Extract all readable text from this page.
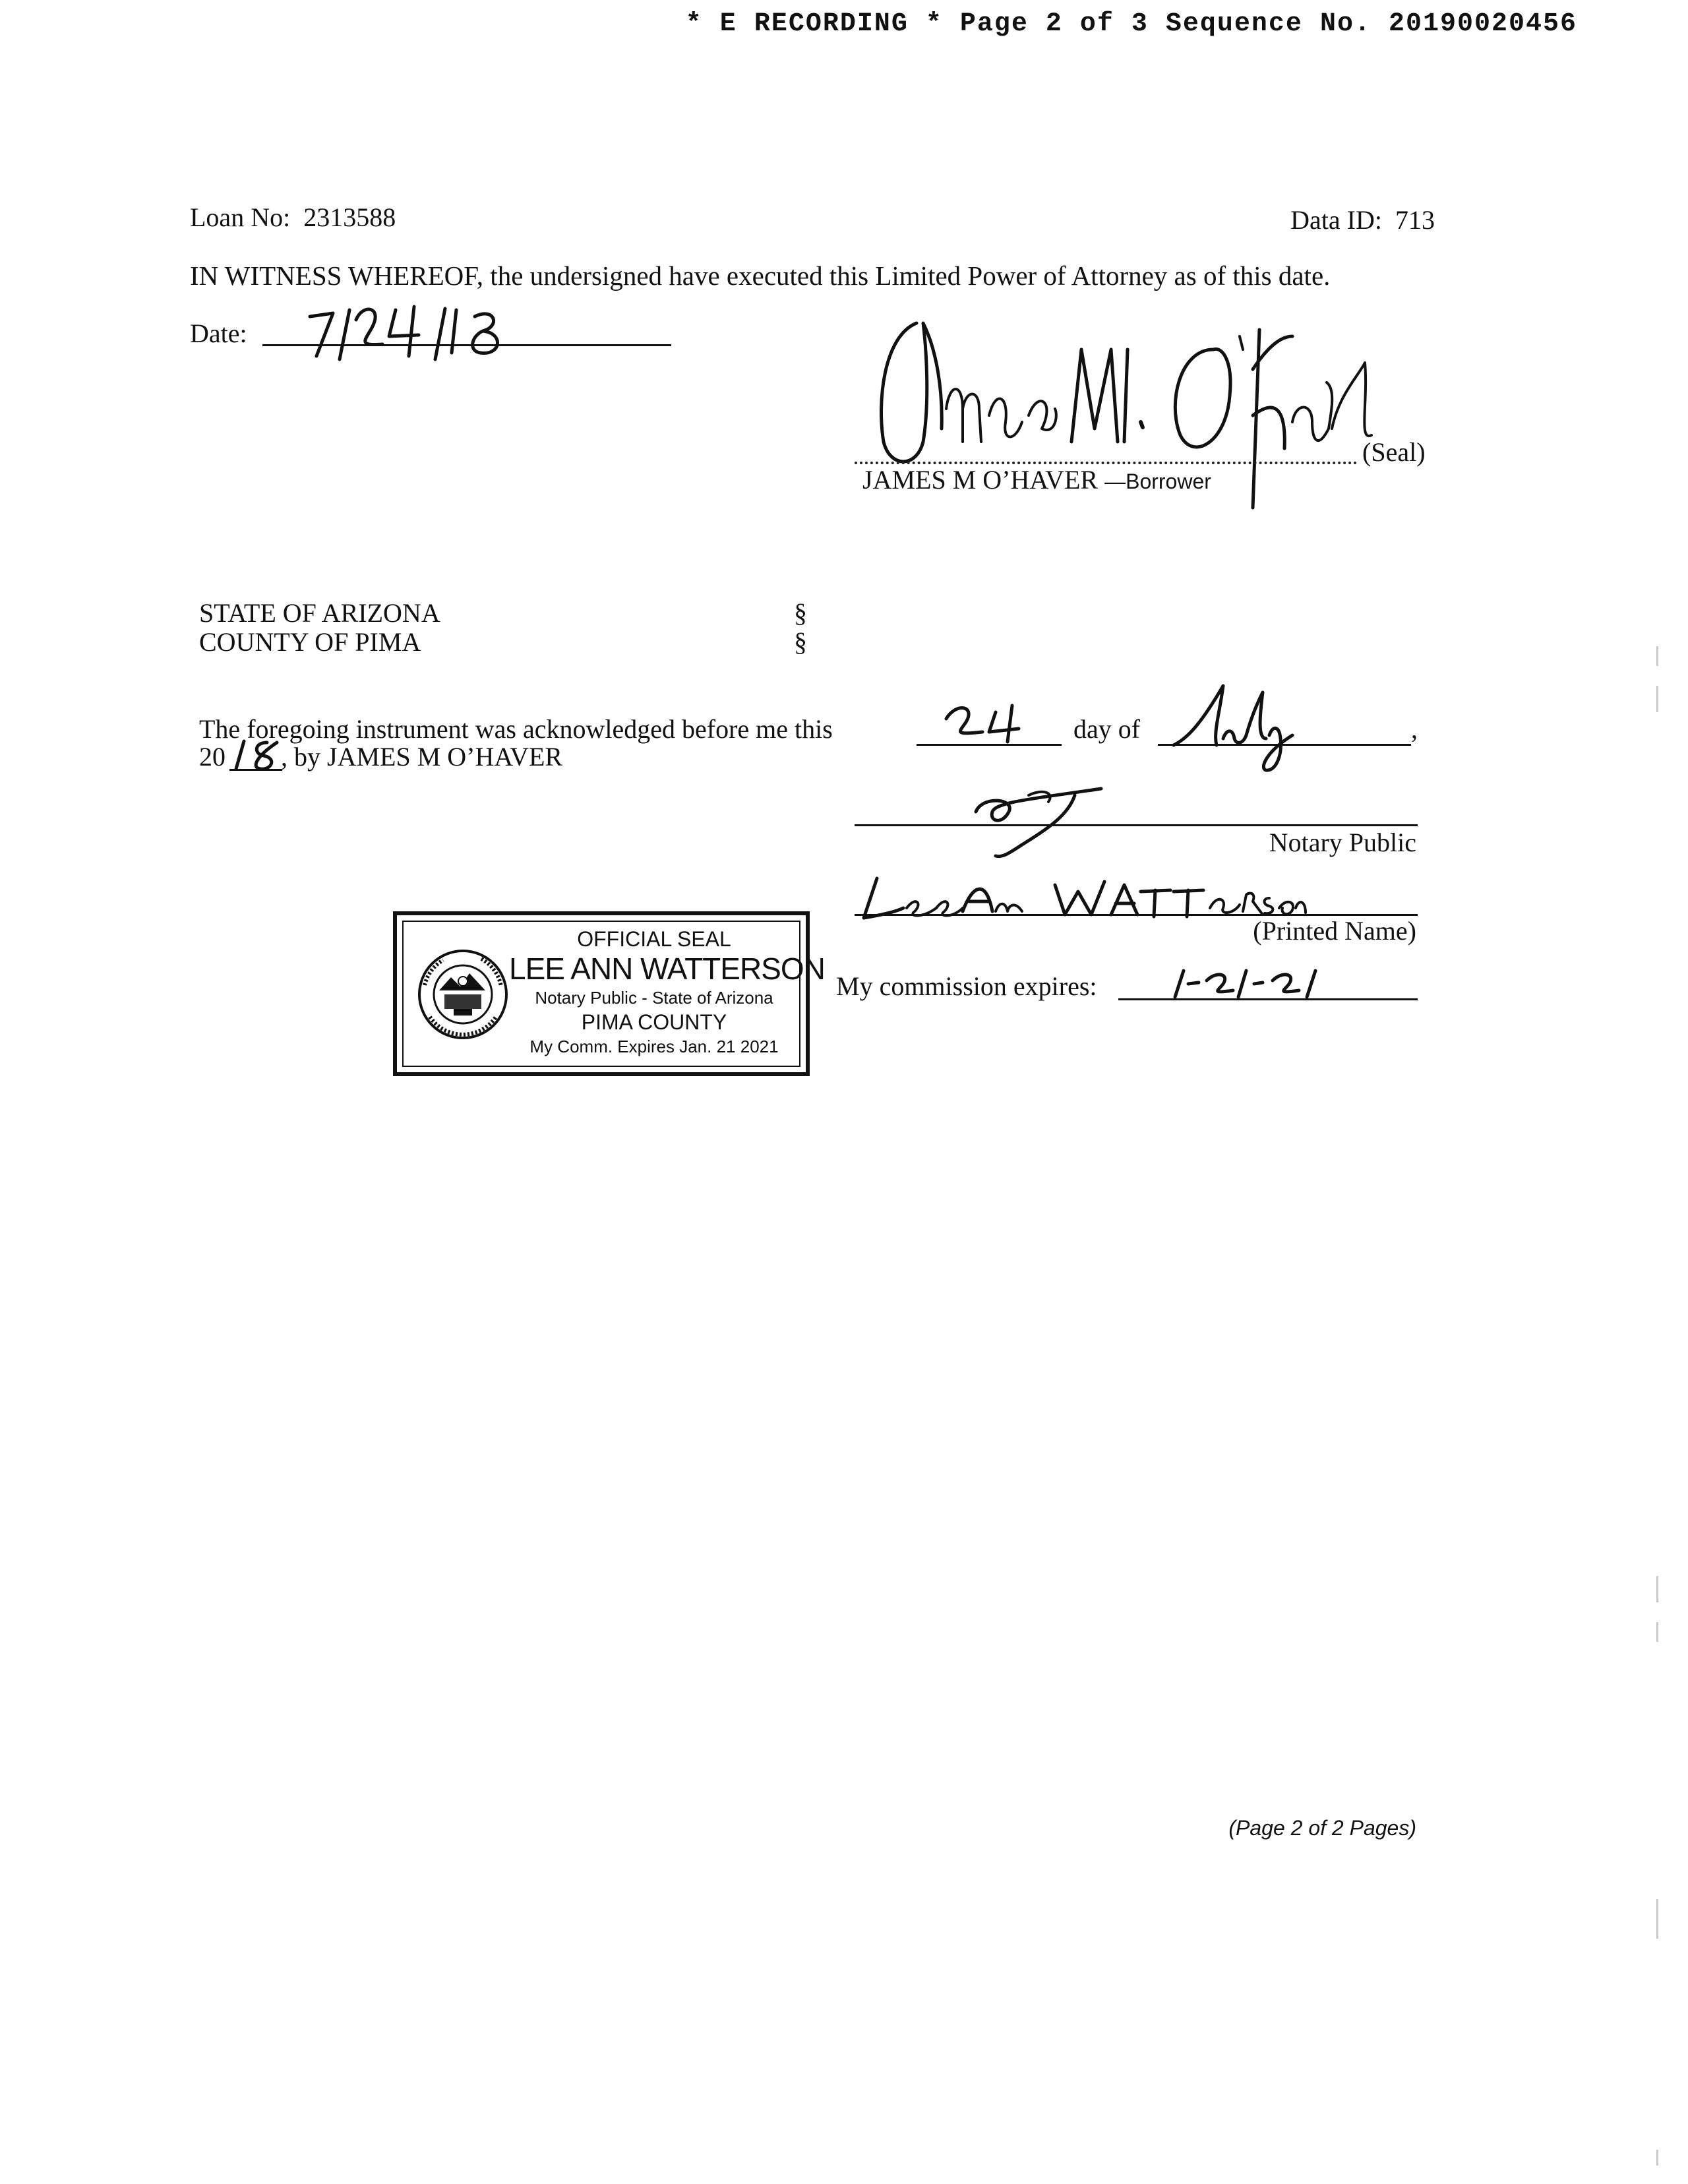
* E RECORDING * Page 2 of 3 Sequence No. 20190020456
Loan No: 2313588	Data ID: 713
IN WITNESS WHEREOF, the undersigned have executed this Limited Power of Attorney as of this date.
Date:
(Seal)
JAMES M O’HAVER —Borrower
STATE OF ARIZONA
COUNTY OF PIMA
§
§
The foregoing instrument was acknowledged before me this	day of	,
20 , by JAMES M O’HAVER
Notary Public
(Printed Name)
My commission expires:
OFFICIAL SEAL
LEE ANN WATTERSON
Notary Public - State of Arizona
PIMA COUNTY
My Comm. Expires Jan. 21 2021
(Page 2 of 2 Pages)
